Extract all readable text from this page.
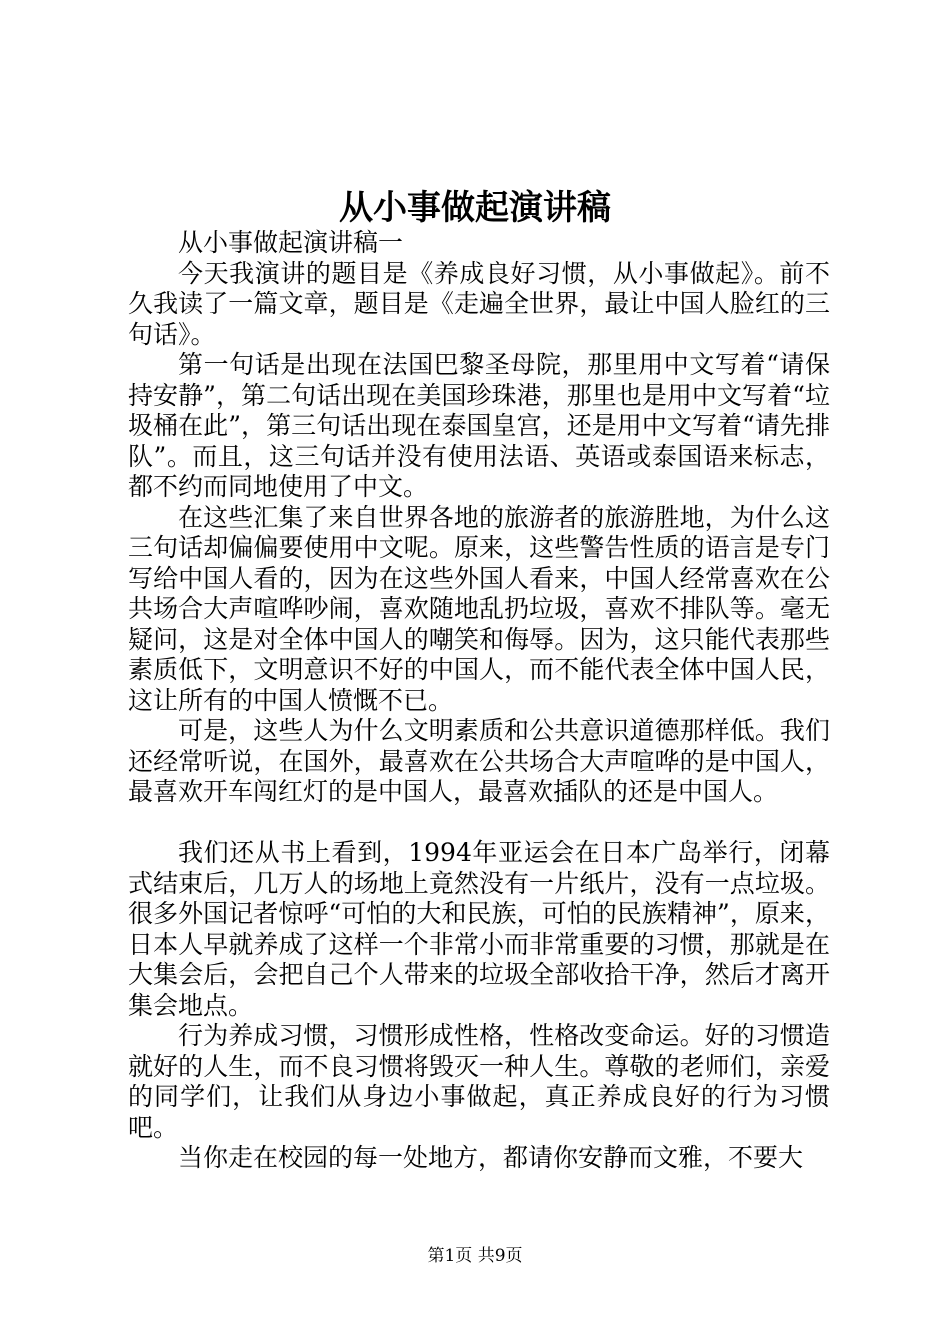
从小事做起演讲稿

从小事做起演讲稿一

今天我演讲的题目是《养成良好习惯，从小事做起》。前不久我读了一篇文章，题目是《走遍全世界，最让中国人脸红的三句话》。

第一句话是出现在法国巴黎圣母院，那里用中文写着“请保持安静”，第二句话出现在美国珍珠港，那里也是用中文写着“垃圾桶在此”，第三句话出现在泰国皇宫，还是用中文写着“请先排队”。而且，这三句话并没有使用法语、英语或泰国语来标志，都不约而同地使用了中文。

在这些汇集了来自世界各地的旅游者的旅游胜地，为什么这三句话却偏偏要使用中文呢。原来，这些警告性质的语言是专门写给中国人看的，因为在这些外国人看来，中国人经常喜欢在公共场合大声喧哗吵闹，喜欢随地乱扔垃圾，喜欢不排队等。毫无疑问，这是对全体中国人的嘲笑和侮辱。因为，这只能代表那些素质低下，文明意识不好的中国人，而不能代表全体中国人民，这让所有的中国人愤慨不已。

可是，这些人为什么文明素质和公共意识道德那样低。我们还经常听说，在国外，最喜欢在公共场合大声喧哗的是中国人，最喜欢开车闯红灯的是中国人，最喜欢插队的还是中国人。

我们还从书上看到，1994年亚运会在日本广岛举行，闭幕式结束后，几万人的场地上竟然没有一片纸片，没有一点垃圾。很多外国记者惊呼“可怕的大和民族，可怕的民族精神”，原来，日本人早就养成了这样一个非常小而非常重要的习惯，那就是在大集会后，会把自己个人带来的垃圾全部收拾干净，然后才离开集会地点。

行为养成习惯，习惯形成性格，性格改变命运。好的习惯造就好的人生，而不良习惯将毁灭一种人生。尊敬的老师们，亲爱的同学们，让我们从身边小事做起，真正养成良好的行为习惯吧。

当你走在校园的每一处地方，都请你安静而文雅，不要大

第1页 共9页
